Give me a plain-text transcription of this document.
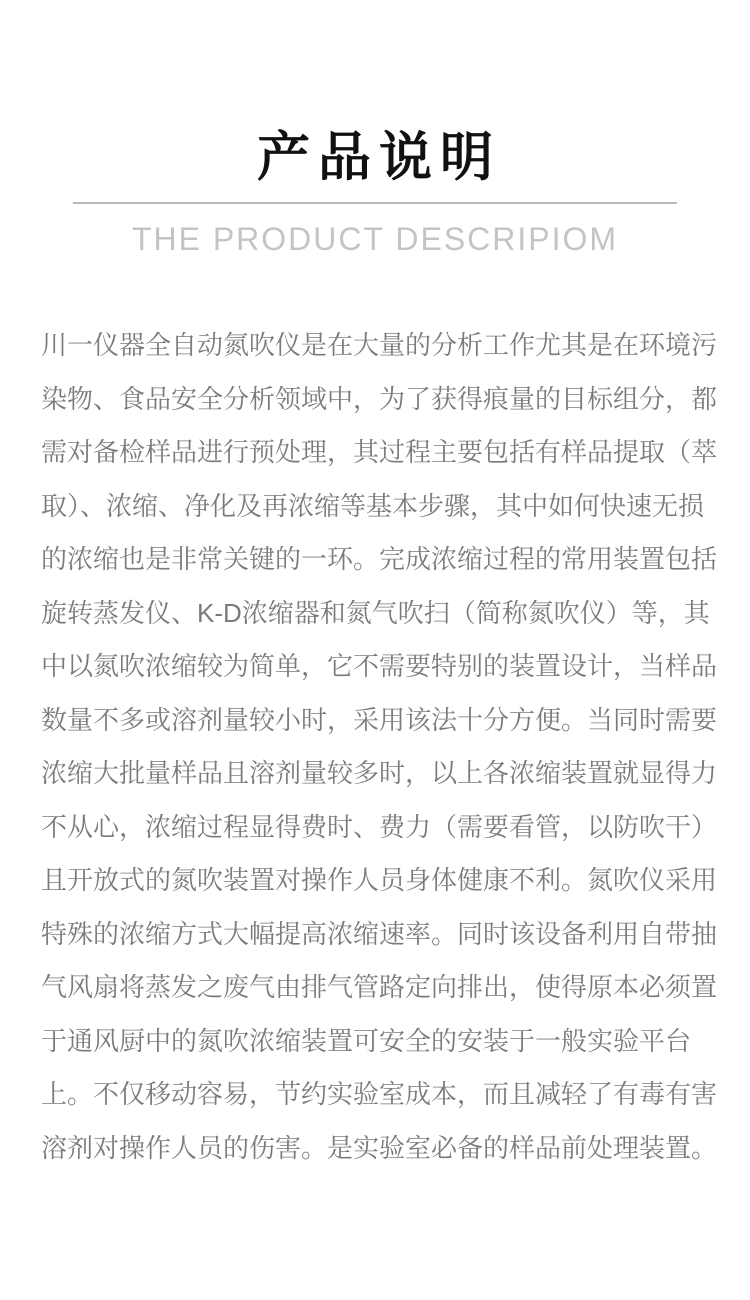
产品说明
THE PRODUCT DESCRIPIOM
川一仪器全自动氮吹仪是在大量的分析工作尤其是在环境污
染物、食品安全分析领域中，为了获得痕量的目标组分，都
需对备检样品进行预处理，其过程主要包括有样品提取（萃
取）、浓缩、净化及再浓缩等基本步骤，其中如何快速无损
的浓缩也是非常关键的一环。完成浓缩过程的常用装置包括
旋转蒸发仪、K-D浓缩器和氮气吹扫（简称氮吹仪）等，其
中以氮吹浓缩较为简单，它不需要特别的装置设计，当样品
数量不多或溶剂量较小时，采用该法十分方便。当同时需要
浓缩大批量样品且溶剂量较多时，以上各浓缩装置就显得力
不从心，浓缩过程显得费时、费力（需要看管，以防吹干）
且开放式的氮吹装置对操作人员身体健康不利。氮吹仪采用
特殊的浓缩方式大幅提高浓缩速率。同时该设备利用自带抽
气风扇将蒸发之废气由排气管路定向排出，使得原本必须置
于通风厨中的氮吹浓缩装置可安全的安装于一般实验平台
上。不仅移动容易，节约实验室成本，而且减轻了有毒有害
溶剂对操作人员的伤害。是实验室必备的样品前处理装置。
